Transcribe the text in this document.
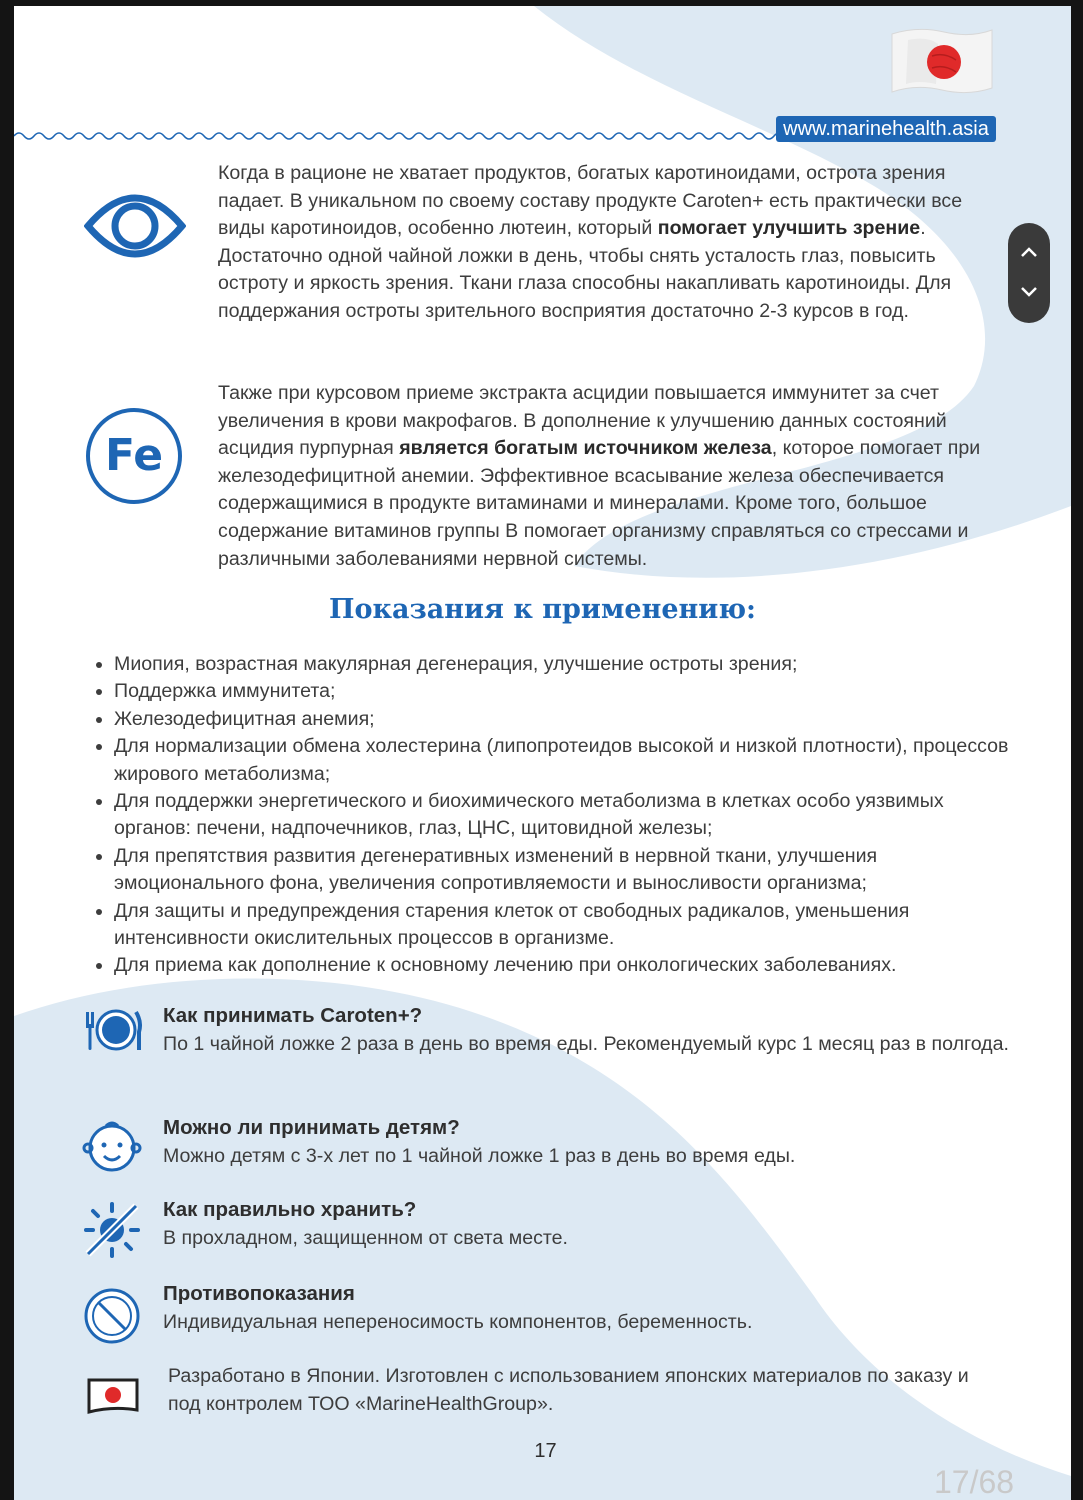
www.marinehealth.asia
Когда в рационе не хватает продуктов, богатых каротиноидами, острота зрения падает. В уникальном по своему составу продукте Caroten+ есть практически все виды каротиноидов, особенно лютеин, который помогает улучшить зрение. Достаточно одной чайной ложки в день, чтобы снять усталость глаз, повысить остроту и яркость зрения. Ткани глаза способны накапливать каротиноиды. Для поддержания остроты зрительного восприятия достаточно 2-3 курсов в год.
Fe
Также при курсовом приеме экстракта асцидии повышается иммунитет за счет увеличения в крови макрофагов. В дополнение к улучшению данных состояний асцидия пурпурная является богатым источником железа, которое помогает при железодефицитной анемии. Эффективное всасывание железа обеспечивается содержащимися в продукте витаминами и минералами. Кроме того, большое содержание витаминов группы В помогает организму справляться со стрессами и различными заболеваниями нервной системы.
Показания к применению:
• Миопия, возрастная макулярная дегенерация, улучшение остроты зрения;
• Поддержка иммунитета;
• Железодефицитная анемия;
• Для нормализации обмена холестерина (липопротеидов высокой и низкой плотности), процессов жирового метаболизма;
• Для поддержки энергетического и биохимического метаболизма в клетках особо уязвимых органов: печени, надпочечников, глаз, ЦНС, щитовидной железы;
• Для препятствия развития дегенеративных изменений в нервной ткани, улучшения эмоционального фона, увеличения сопротивляемости и выносливости организма;
• Для защиты и предупреждения старения клеток от свободных радикалов, уменьшения интенсивности окислительных процессов в организме.
• Для приема как дополнение к основному лечению при онкологических заболеваниях.
Как принимать Caroten+?
По 1 чайной ложке 2 раза в день во время еды. Рекомендуемый курс 1 месяц раз в полгода.
Можно ли принимать детям?
Можно детям с 3-х лет по 1 чайной ложке 1 раз в день во время еды.
Как правильно хранить?
В прохладном, защищенном от света месте.
Противопоказания
Индивидуальная непереносимость компонентов, беременность.
Разработано в Японии. Изготовлен с использованием японских материалов по заказу и под контролем ТОО «MarineHealthGroup».
17
17/68
